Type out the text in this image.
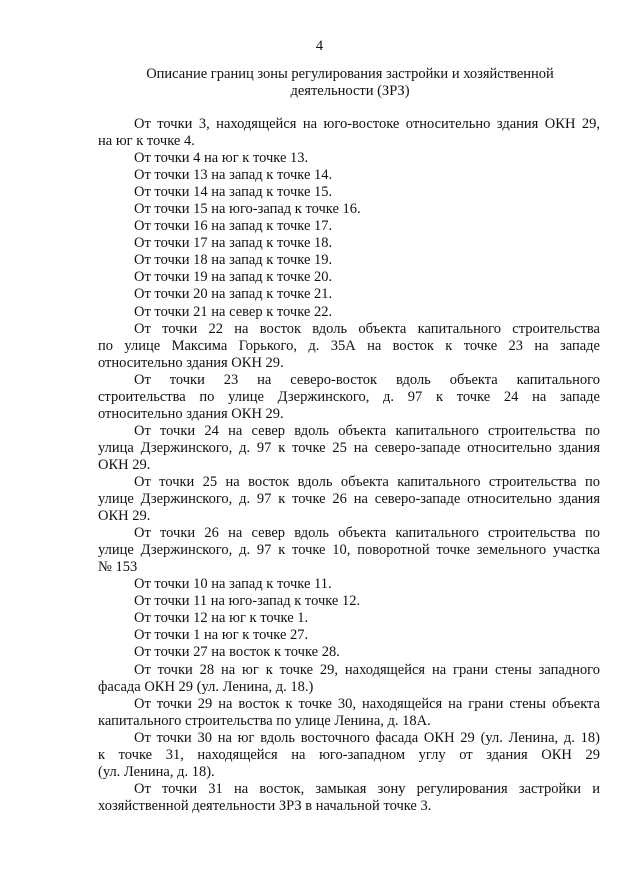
4
Описание границ зоны регулирования застройки и хозяйственной
деятельности (ЗРЗ)
От точки 3, находящейся на юго-востоке относительно здания ОКН 29,
на юг к точке 4.
От точки 4 на юг к точке 13.
От точки 13 на запад к точке 14.
От точки 14 на запад к точке 15.
От точки 15 на юго-запад к точке 16.
От точки 16 на запад к точке 17.
От точки 17 на запад к точке 18.
От точки 18 на запад к точке 19.
От точки 19 на запад к точке 20.
От точки 20 на запад к точке 21.
От точки 21 на север к точке 22.
От точки 22 на восток вдоль объекта капитального строительства
по улице Максима Горького, д. 35А на восток к точке 23 на западе
относительно здания ОКН 29.
От точки 23 на северо-восток вдоль объекта капитального
строительства по улице Дзержинского, д. 97 к точке 24 на западе
относительно здания ОКН 29.
От точки 24 на север вдоль объекта капитального строительства по
улица Дзержинского, д. 97 к точке 25 на северо-западе относительно здания
ОКН 29.
От точки 25 на восток вдоль объекта капитального строительства по
улице Дзержинского, д. 97 к точке 26 на северо-западе относительно здания
ОКН 29.
От точки 26 на север вдоль объекта капитального строительства по
улице Дзержинского, д. 97 к точке 10, поворотной точке земельного участка
№ 153
От точки 10 на запад к точке 11.
От точки 11 на юго-запад к точке 12.
От точки 12 на юг к точке 1.
От точки 1 на юг к точке 27.
От точки 27 на восток к точке 28.
От точки 28 на юг к точке 29, находящейся на грани стены западного
фасада ОКН 29 (ул. Ленина, д. 18.)
От точки 29 на восток к точке 30, находящейся на грани стены объекта
капитального строительства по улице Ленина, д. 18А.
От точки 30 на юг вдоль восточного фасада ОКН 29 (ул. Ленина, д. 18)
к точке 31, находящейся на юго-западном углу от здания ОКН 29
(ул. Ленина, д. 18).
От точки 31 на восток, замыкая зону регулирования застройки и
хозяйственной деятельности ЗРЗ в начальной точке 3.
